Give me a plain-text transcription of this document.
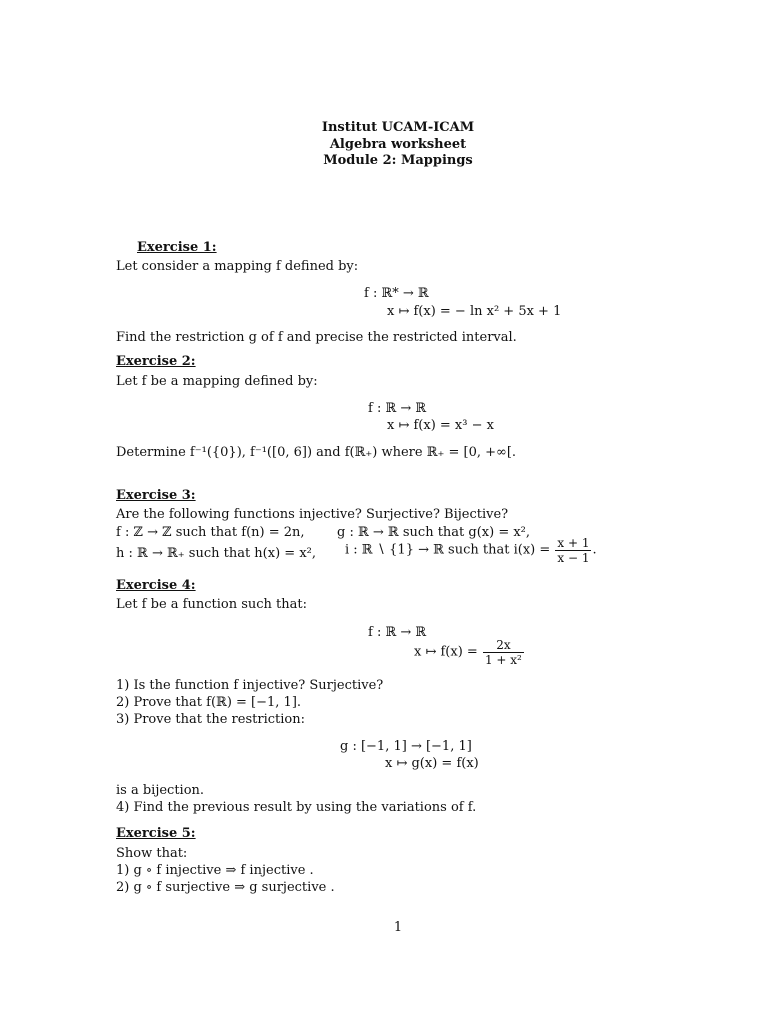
Institut UCAM-ICAM
Algebra worksheet
Module 2: Mappings
Exercise 1:
Let consider a mapping f defined by:
f : ℝ* → ℝ
x ↦ f(x) = − ln x² + 5x + 1
Find the restriction g of f and precise the restricted interval.
Exercise 2:
Let f be a mapping defined by:
f : ℝ → ℝ
x ↦ f(x) = x³ − x
Determine f⁻¹({0}), f⁻¹([0, 6]) and f(ℝ₊) where ℝ₊ = [0, +∞[.
Exercise 3:
Are the following functions injective? Surjective? Bijective?
f : ℤ → ℤ such that f(n) = 2n, g : ℝ → ℝ such that g(x) = x²,
h : ℝ → ℝ₊ such that h(x) = x², i : ℝ ∖ {1} → ℝ such that $i(x) = \frac{x + 1}{x - 1}$ .
Exercise 4:
Let f be a function such that:
f : ℝ → ℝ
x ↦ $f(x) = \frac{2x}{\text{1 + x²}}$
1) Is the function f injective? Surjective?
2) Prove that f(ℝ) = [−1, 1].
3) Prove that the restriction:
g : [−1, 1] → [−1, 1]
x ↦ g(x) = f(x)
is a bijection.
4) Find the previous result by using the variations of f.
Exercise 5:
Show that:
1) g ∘ f injective ⇒ f injective .
2) g ∘ f surjective ⇒ g surjective .
1
